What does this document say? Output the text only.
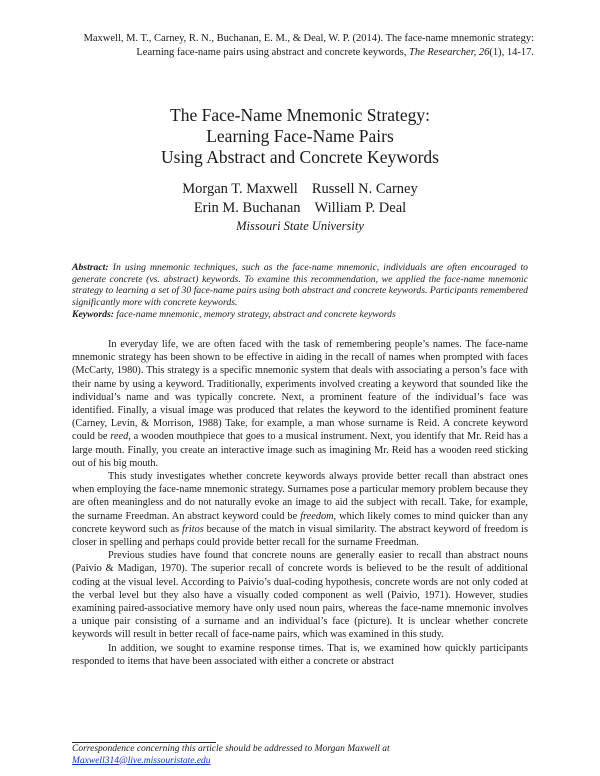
Maxwell, M. T., Carney, R. N., Buchanan, E. M., & Deal, W. P. (2014). The face-name mnemonic strategy: Learning face-name pairs using abstract and concrete keywords, The Researcher, 26(1), 14-17.
The Face-Name Mnemonic Strategy:
Learning Face-Name Pairs
Using Abstract and Concrete Keywords
Morgan T. Maxwell Russell N. Carney
Erin M. Buchanan William P. Deal
Missouri State University

Abstract: In using mnemonic techniques, such as the face-name mnemonic, individuals are often encouraged to generate concrete (vs. abstract) keywords. To examine this recommendation, we applied the face-name mnemonic strategy to learning a set of 30 face-name pairs using both abstract and concrete keywords. Participants remembered significantly more with concrete keywords.

Keywords: face-name mnemonic, memory strategy, abstract and concrete keywords

In everyday life, we are often faced with the task of remembering people’s names. The face-name mnemonic strategy has been shown to be effective in aiding in the recall of names when prompted with faces (McCarty, 1980). This strategy is a specific mnemonic system that deals with associating a person’s face with their name by using a keyword. Traditionally, experiments involved creating a keyword that sounded like the individual’s name and was typically concrete. Next, a prominent feature of the individual’s face was identified. Finally, a visual image was produced that relates the keyword to the identified prominent feature (Carney, Levin, & Morrison, 1988) Take, for example, a man whose surname is Reid. A concrete keyword could be reed, a wooden mouthpiece that goes to a musical instrument. Next, you identify that Mr. Reid has a large mouth. Finally, you create an interactive image such as imagining Mr. Reid has a wooden reed sticking out of his big mouth.

This study investigates whether concrete keywords always provide better recall than abstract ones when employing the face-name mnemonic strategy. Surnames pose a particular memory problem because they are often meaningless and do not naturally evoke an image to aid the subject with recall. Take, for example, the surname Freedman. An abstract keyword could be freedom, which likely comes to mind quicker than any concrete keyword such as fritos because of the match in visual similarity. The abstract keyword of freedom is closer in spelling and perhaps could provide better recall for the surname Freedman.

Previous studies have found that concrete nouns are generally easier to recall than abstract nouns (Paivio & Madigan, 1970). The superior recall of concrete words is believed to be the result of additional coding at the visual level. According to Paivio’s dual-coding hypothesis, concrete words are not only coded at the verbal level but they also have a visually coded component as well (Paivio, 1971). However, studies examining paired-associative memory have only used noun pairs, whereas the face-name mnemonic involves a unique pair consisting of a surname and an individual’s face (picture). It is unclear whether concrete keywords will result in better recall of face-name pairs, which was examined in this study.

In addition, we sought to examine response times. That is, we examined how quickly participants responded to items that have been associated with either a concrete or abstract

Correspondence concerning this article should be addressed to Morgan Maxwell at
Maxwell314@live.missouristate.edu
